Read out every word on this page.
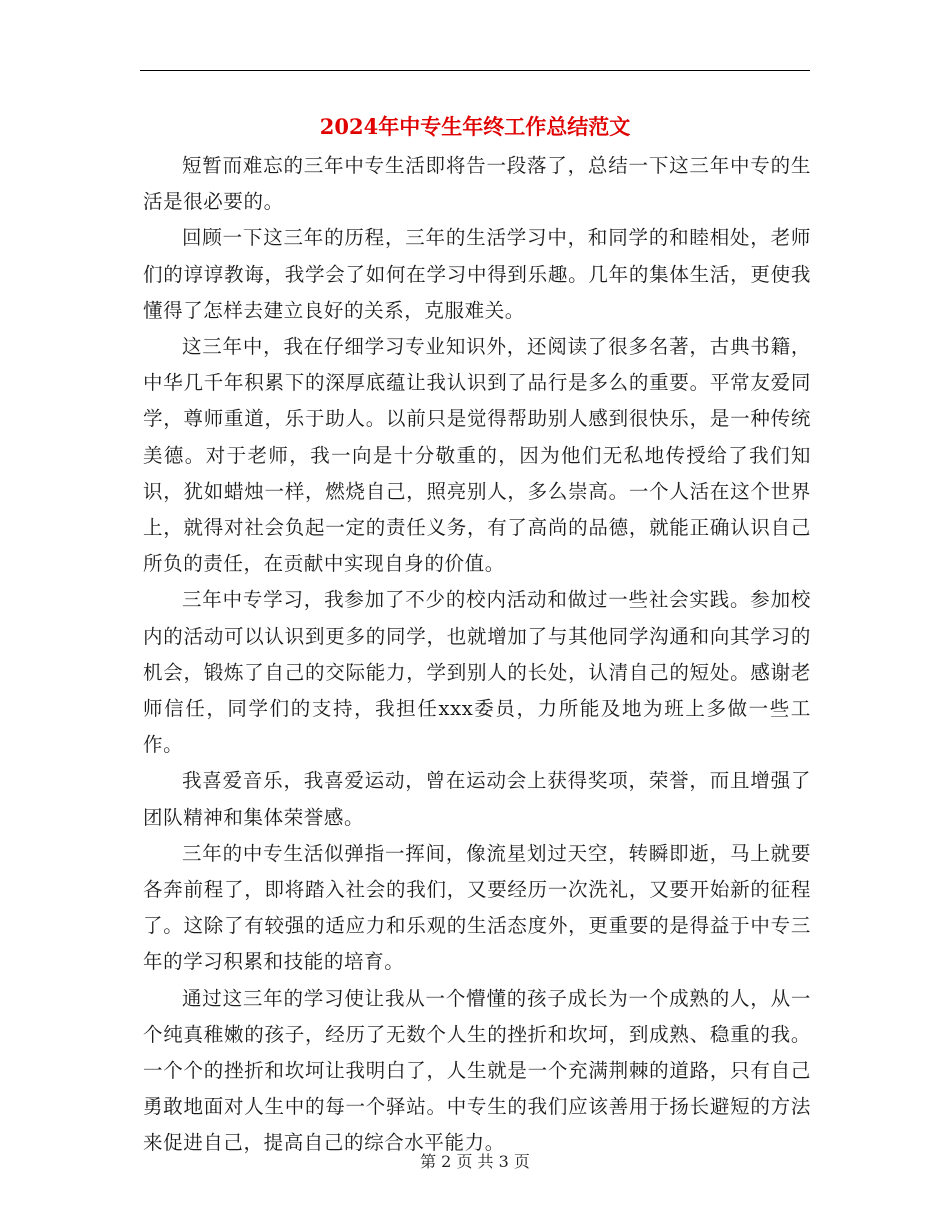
2024年中专生年终工作总结范文

短暂而难忘的三年中专生活即将告一段落了，总结一下这三年中专的生活是很必要的。

回顾一下这三年的历程，三年的生活学习中，和同学的和睦相处，老师们的谆谆教诲，我学会了如何在学习中得到乐趣。几年的集体生活，更使我懂得了怎样去建立良好的关系，克服难关。

这三年中，我在仔细学习专业知识外，还阅读了很多名著，古典书籍，中华几千年积累下的深厚底蕴让我认识到了品行是多么的重要。平常友爱同学，尊师重道，乐于助人。以前只是觉得帮助别人感到很快乐，是一种传统美德。对于老师，我一向是十分敬重的，因为他们无私地传授给了我们知识，犹如蜡烛一样，燃烧自己，照亮别人，多么崇高。一个人活在这个世界上，就得对社会负起一定的责任义务，有了高尚的品德，就能正确认识自己所负的责任，在贡献中实现自身的价值。

三年中专学习，我参加了不少的校内活动和做过一些社会实践。参加校内的活动可以认识到更多的同学，也就增加了与其他同学沟通和向其学习的机会，锻炼了自己的交际能力，学到别人的长处，认清自己的短处。感谢老师信任，同学们的支持，我担任xxx委员，力所能及地为班上多做一些工作。

我喜爱音乐，我喜爱运动，曾在运动会上获得奖项，荣誉，而且增强了团队精神和集体荣誉感。

三年的中专生活似弹指一挥间，像流星划过天空，转瞬即逝，马上就要各奔前程了，即将踏入社会的我们，又要经历一次洗礼，又要开始新的征程了。这除了有较强的适应力和乐观的生活态度外，更重要的是得益于中专三年的学习积累和技能的培育。

通过这三年的学习使让我从一个懵懂的孩子成长为一个成熟的人，从一个纯真稚嫩的孩子，经历了无数个人生的挫折和坎坷，到成熟、稳重的我。一个个的挫折和坎坷让我明白了，人生就是一个充满荆棘的道路，只有自己勇敢地面对人生中的每一个驿站。中专生的我们应该善用于扬长避短的方法来促进自己，提高自己的综合水平能力。

第 2 页 共 3 页
